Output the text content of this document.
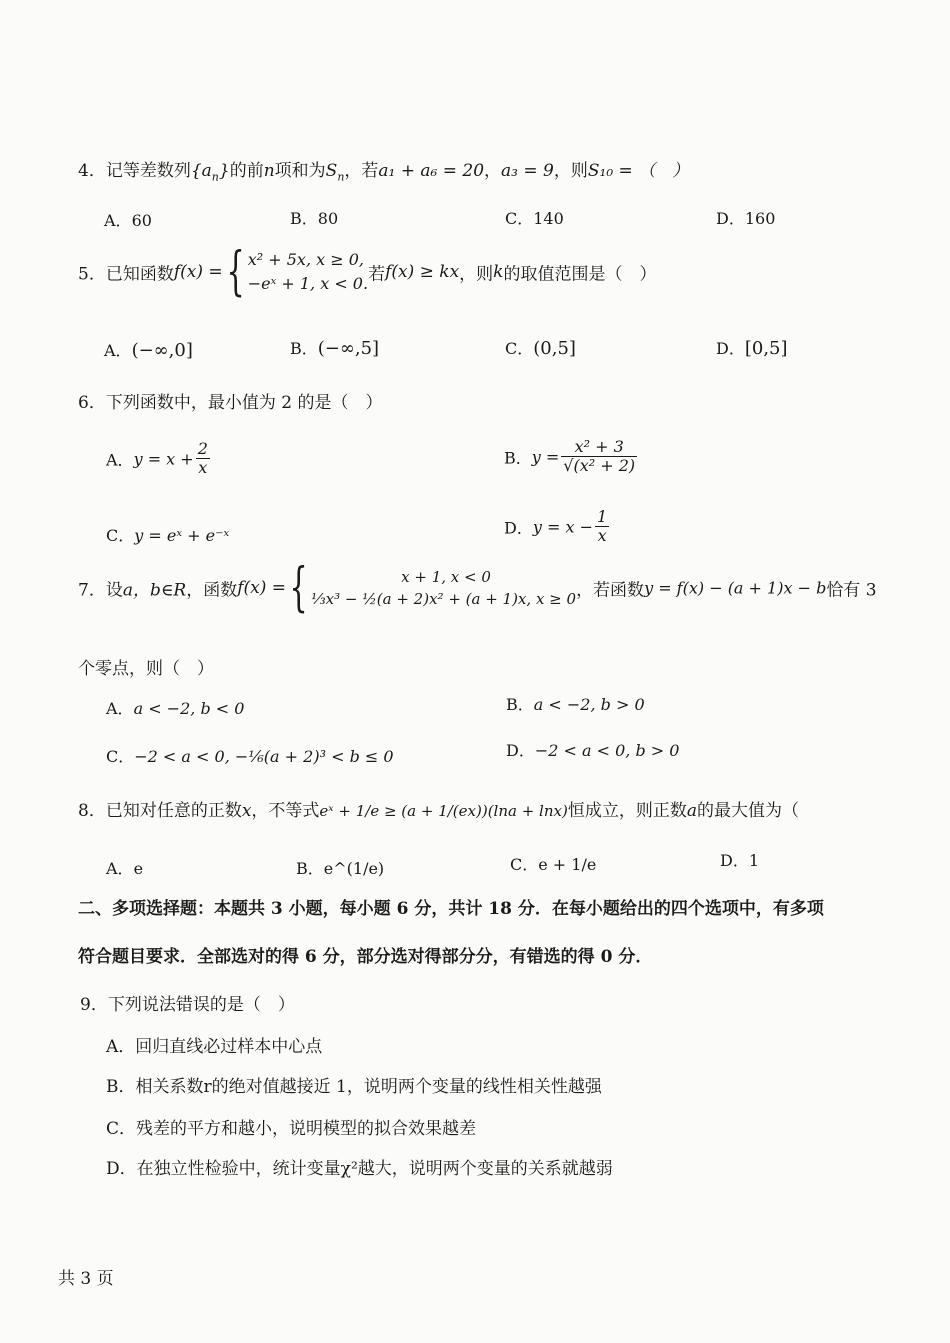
4．记等差数列$\{a_n\}$的前n项和为$S_n$，若a₁ + a₆ = 20，a₃ = 9，则S₁₀ = （　）
A．60	B．80	C．140	D．160
5．已知函数f(x) ={ x² + 5x, x ≥ 0,
−eˣ + 1, x < 0. 若f(x) ≥ kx，则k的取值范围是（　）
A．(−∞,0]	B．(−∞,5]	C．(0,5]	D．[0,5]
6．下列函数中，最小值为 2 的是（　）
A．$y = x + \frac{2}{x}$	B．$y = \frac{\text{x² + 3}}{\text{√(x² + 2)}}$
C．y = eˣ + e⁻ˣ	D．$y = x - \frac{1}{x}$
7．设a，b∈R，函数f(x) ={	x + 1, x < 0
⅓x³ − ½(a + 2)x² + (a + 1)x, x ≥ 0 ，若函数y = f(x) − (a + 1)x − b恰有 3
个零点，则（　）
A．a < −2, b < 0	B．a < −2, b > 0
C．−2 < a < 0, −⅙(a + 2)³ < b ≤ 0	D．−2 < a < 0, b > 0
8．已知对任意的正数x，不等式eˣ + 1/e ≥ (a + 1/(ex))(lna + lnx)恒成立，则正数a的最大值为（
A．e	B．e^(1/e)	C．e + 1/e	D．1
二、多项选择题：本题共 3 小题，每小题 6 分，共计 18 分．在每小题给出的四个选项中，有多项
符合题目要求．全部选对的得 6 分，部分选对得部分分，有错选的得 0 分．
9．下列说法错误的是（　）
A．回归直线必过样本中心点
B．相关系数r的绝对值越接近 1，说明两个变量的线性相关性越强
C．残差的平方和越小，说明模型的拟合效果越差
D．在独立性检验中，统计变量χ²越大，说明两个变量的关系就越弱
共 3 页
